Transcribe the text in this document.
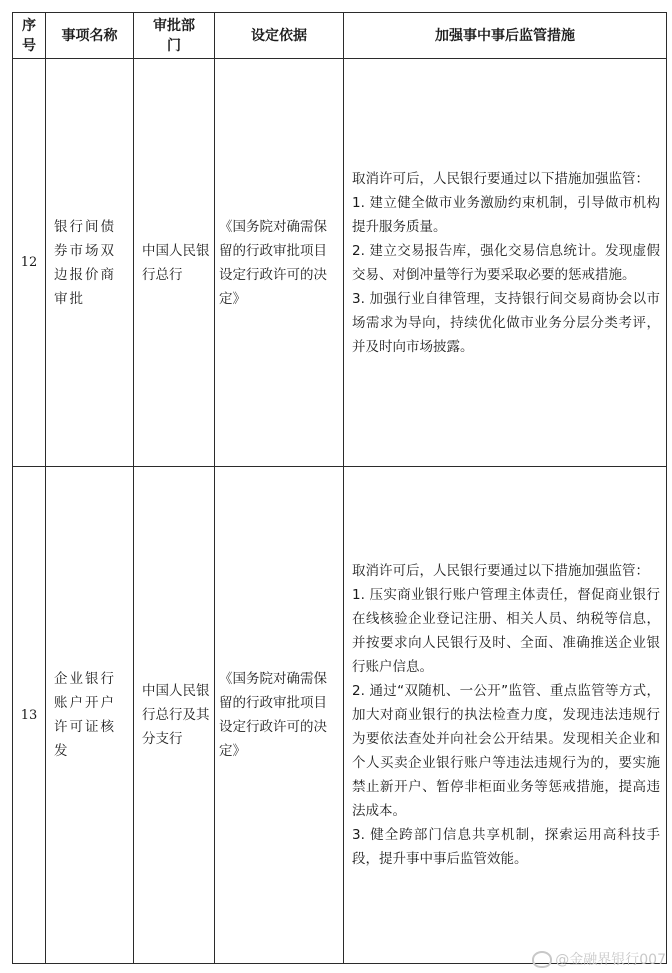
序号	事项名称	审批部门	设定依据	加强事中事后监管措施
12	银行间债券市场双边报价商审批	中国人民银行总行	《国务院对确需保留的行政审批项目设定行政许可的决定》	取消许可后，人民银行要通过以下措施加强监管：

1. 建立健全做市业务激励约束机制，引导做市机构提升服务质量。

2. 建立交易报告库，强化交易信息统计。发现虚假交易、对倒冲量等行为要采取必要的惩戒措施。

3. 加强行业自律管理，支持银行间交易商协会以市场需求为导向，持续优化做市业务分层分类考评，并及时向市场披露。

13	企业银行账户开户许可证核发	中国人民银行总行及其分支行	《国务院对确需保留的行政审批项目设定行政许可的决定》	取消许可后，人民银行要通过以下措施加强监管：

1. 压实商业银行账户管理主体责任，督促商业银行在线核验企业登记注册、相关人员、纳税等信息，并按要求向人民银行及时、全面、准确推送企业银行账户信息。

2. 通过“双随机、一公开”监管、重点监管等方式，加大对商业银行的执法检查力度，发现违法违规行为要依法查处并向社会公开结果。发现相关企业和个人买卖企业银行账户等违法违规行为的，要实施禁止新开户、暂停非柜面业务等惩戒措施，提高违法成本。

3. 健全跨部门信息共享机制，探索运用高科技手段，提升事中事后监管效能。

@金融界银行007
